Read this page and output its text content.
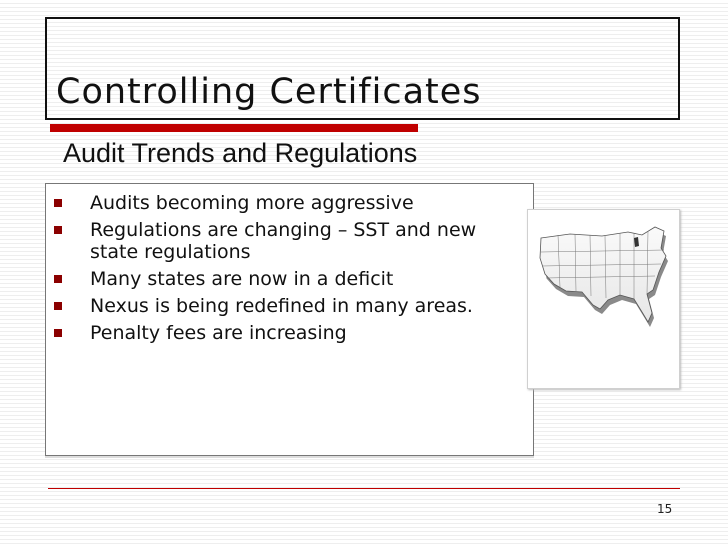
Controlling Certificates
Audit Trends and Regulations
Audits becoming more aggressive
Regulations are changing – SST and new state regulations
Many states are now in a deficit
Nexus is being redefined in many areas.
Penalty fees are increasing
15
